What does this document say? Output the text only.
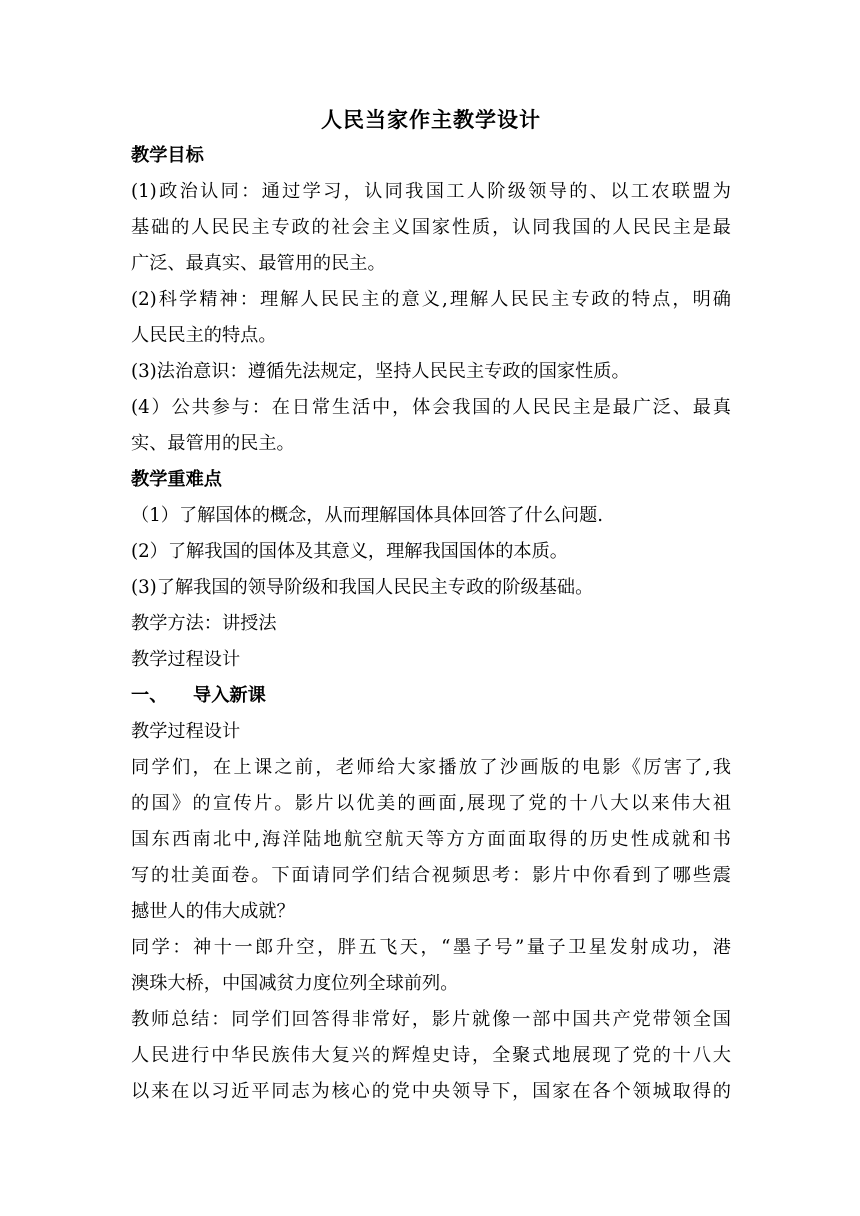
人民当家作主教学设计

教学目标

(1)政治认同：通过学习，认同我国工人阶级领导的、以工农联盟为

基础的人民民主专政的社会主义国家性质，认同我国的人民民主是最

广泛、最真实、最管用的民主。

(2)科学精神：理解人民民主的意义,理解人民民主专政的特点，明确

人民民主的特点。

(3)法治意识：遵循先法规定，坚持人民民主专政的国家性质。

(4）公共参与：在日常生活中，体会我国的人民民主是最广泛、最真

实、最管用的民主。

教学重难点

（1）了解国体的概念，从而理解国体具体回答了什么问题.

(2）了解我国的国体及其意义，理解我国国体的本质。

(3)了解我国的领导阶级和我国人民民主专政的阶级基础。

教学方法：讲授法

教学过程设计

一、 导入新课

教学过程设计

同学们，在上课之前，老师给大家播放了沙画版的电影《厉害了,我

的国》的宣传片。影片以优美的画面,展现了党的十八大以来伟大祖

国东西南北中,海洋陆地航空航天等方方面面取得的历史性成就和书

写的壮美面卷。下面请同学们结合视频思考：影片中你看到了哪些震

撼世人的伟大成就？

同学：神十一郎升空，胖五飞天，“墨子号”量子卫星发射成功，港

澳珠大桥，中国减贫力度位列全球前列。

教师总结：同学们回答得非常好，影片就像一部中国共产党带领全国

人民进行中华民族伟大复兴的辉煌史诗，全聚式地展现了党的十八大

以来在以习近平同志为核心的党中央领导下，国家在各个领城取得的
